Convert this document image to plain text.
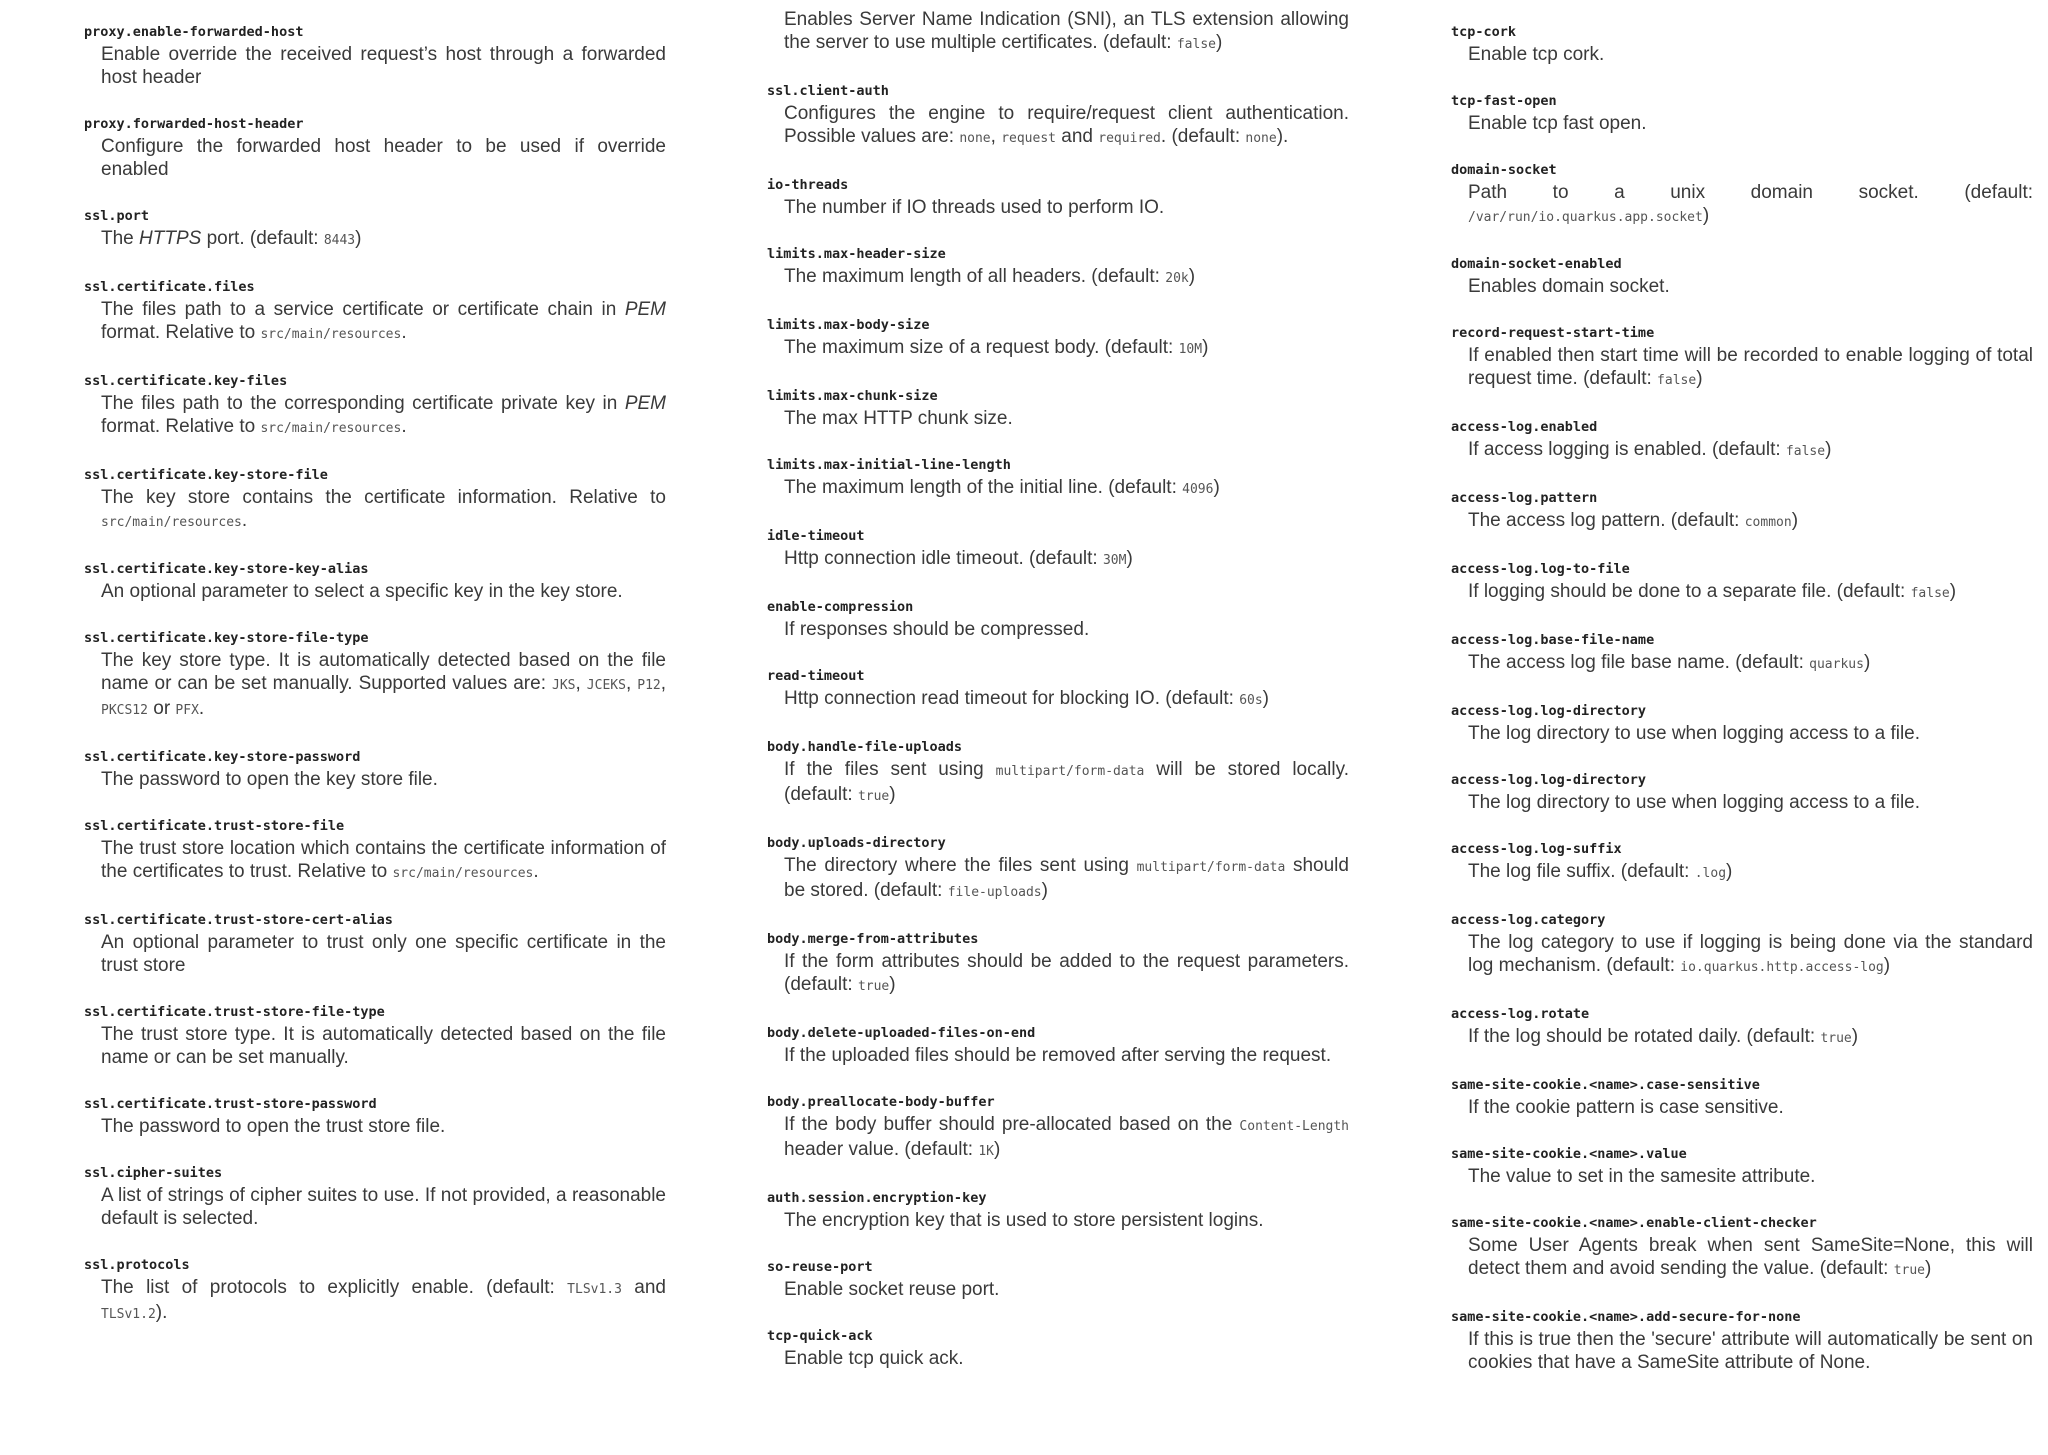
proxy.enable-forwarded-host
Enable override the received request’s host through a forwarded host header
proxy.forwarded-host-header
Configure the forwarded host header to be used if override enabled
ssl.port
The HTTPS port. (default: 8443)
ssl.certificate.files
The files path to a service certificate or certificate chain in PEM format. Relative to src/main/resources.
ssl.certificate.key-files
The files path to the corresponding certificate private key in PEM format. Relative to src/main/resources.
ssl.certificate.key-store-file
The key store contains the certificate information. Relative to src/main/resources.
ssl.certificate.key-store-key-alias
An optional parameter to select a specific key in the key store.
ssl.certificate.key-store-file-type
The key store type. It is automatically detected based on the file name or can be set manually. Supported values are: JKS, JCEKS, P12, PKCS12 or PFX.
ssl.certificate.key-store-password
The password to open the key store file.
ssl.certificate.trust-store-file
The trust store location which contains the certificate information of the certificates to trust. Relative to src/main/resources.
ssl.certificate.trust-store-cert-alias
An optional parameter to trust only one specific certificate in the trust store
ssl.certificate.trust-store-file-type
The trust store type. It is automatically detected based on the file name or can be set manually.
ssl.certificate.trust-store-password
The password to open the trust store file.
ssl.cipher-suites
A list of strings of cipher suites to use. If not provided, a reasonable default is selected.
ssl.protocols
The list of protocols to explicitly enable. (default: TLSv1.3 and TLSv1.2).
Enables Server Name Indication (SNI), an TLS extension allowing the server to use multiple certificates. (default: false)
ssl.client-auth
Configures the engine to require/request client authentication. Possible values are: none, request and required. (default: none).
io-threads
The number if IO threads used to perform IO.
limits.max-header-size
The maximum length of all headers. (default: 20k)
limits.max-body-size
The maximum size of a request body. (default: 10M)
limits.max-chunk-size
The max HTTP chunk size.
limits.max-initial-line-length
The maximum length of the initial line. (default: 4096)
idle-timeout
Http connection idle timeout. (default: 30M)
enable-compression
If responses should be compressed.
read-timeout
Http connection read timeout for blocking IO. (default: 60s)
body.handle-file-uploads
If the files sent using multipart/form-data will be stored locally. (default: true)
body.uploads-directory
The directory where the files sent using multipart/form-data should be stored. (default: file-uploads)
body.merge-from-attributes
If the form attributes should be added to the request parameters. (default: true)
body.delete-uploaded-files-on-end
If the uploaded files should be removed after serving the request.
body.preallocate-body-buffer
If the body buffer should pre-allocated based on the Content-Length header value. (default: 1K)
auth.session.encryption-key
The encryption key that is used to store persistent logins.
so-reuse-port
Enable socket reuse port.
tcp-quick-ack
Enable tcp quick ack.
tcp-cork
Enable tcp cork.
tcp-fast-open
Enable tcp fast open.
domain-socket
Path to a unix domain socket. (default: /var/run/io.quarkus.app.socket)
domain-socket-enabled
Enables domain socket.
record-request-start-time
If enabled then start time will be recorded to enable logging of total request time. (default: false)
access-log.enabled
If access logging is enabled. (default: false)
access-log.pattern
The access log pattern. (default: common)
access-log.log-to-file
If logging should be done to a separate file. (default: false)
access-log.base-file-name
The access log file base name. (default: quarkus)
access-log.log-directory
The log directory to use when logging access to a file.
access-log.log-directory
The log directory to use when logging access to a file.
access-log.log-suffix
The log file suffix. (default: .log)
access-log.category
The log category to use if logging is being done via the standard log mechanism. (default: io.quarkus.http.access-log)
access-log.rotate
If the log should be rotated daily. (default: true)
same-site-cookie.<name>.case-sensitive
If the cookie pattern is case sensitive.
same-site-cookie.<name>.value
The value to set in the samesite attribute.
same-site-cookie.<name>.enable-client-checker
Some User Agents break when sent SameSite=None, this will detect them and avoid sending the value. (default: true)
same-site-cookie.<name>.add-secure-for-none
If this is true then the 'secure' attribute will automatically be sent on cookies that have a SameSite attribute of None.
